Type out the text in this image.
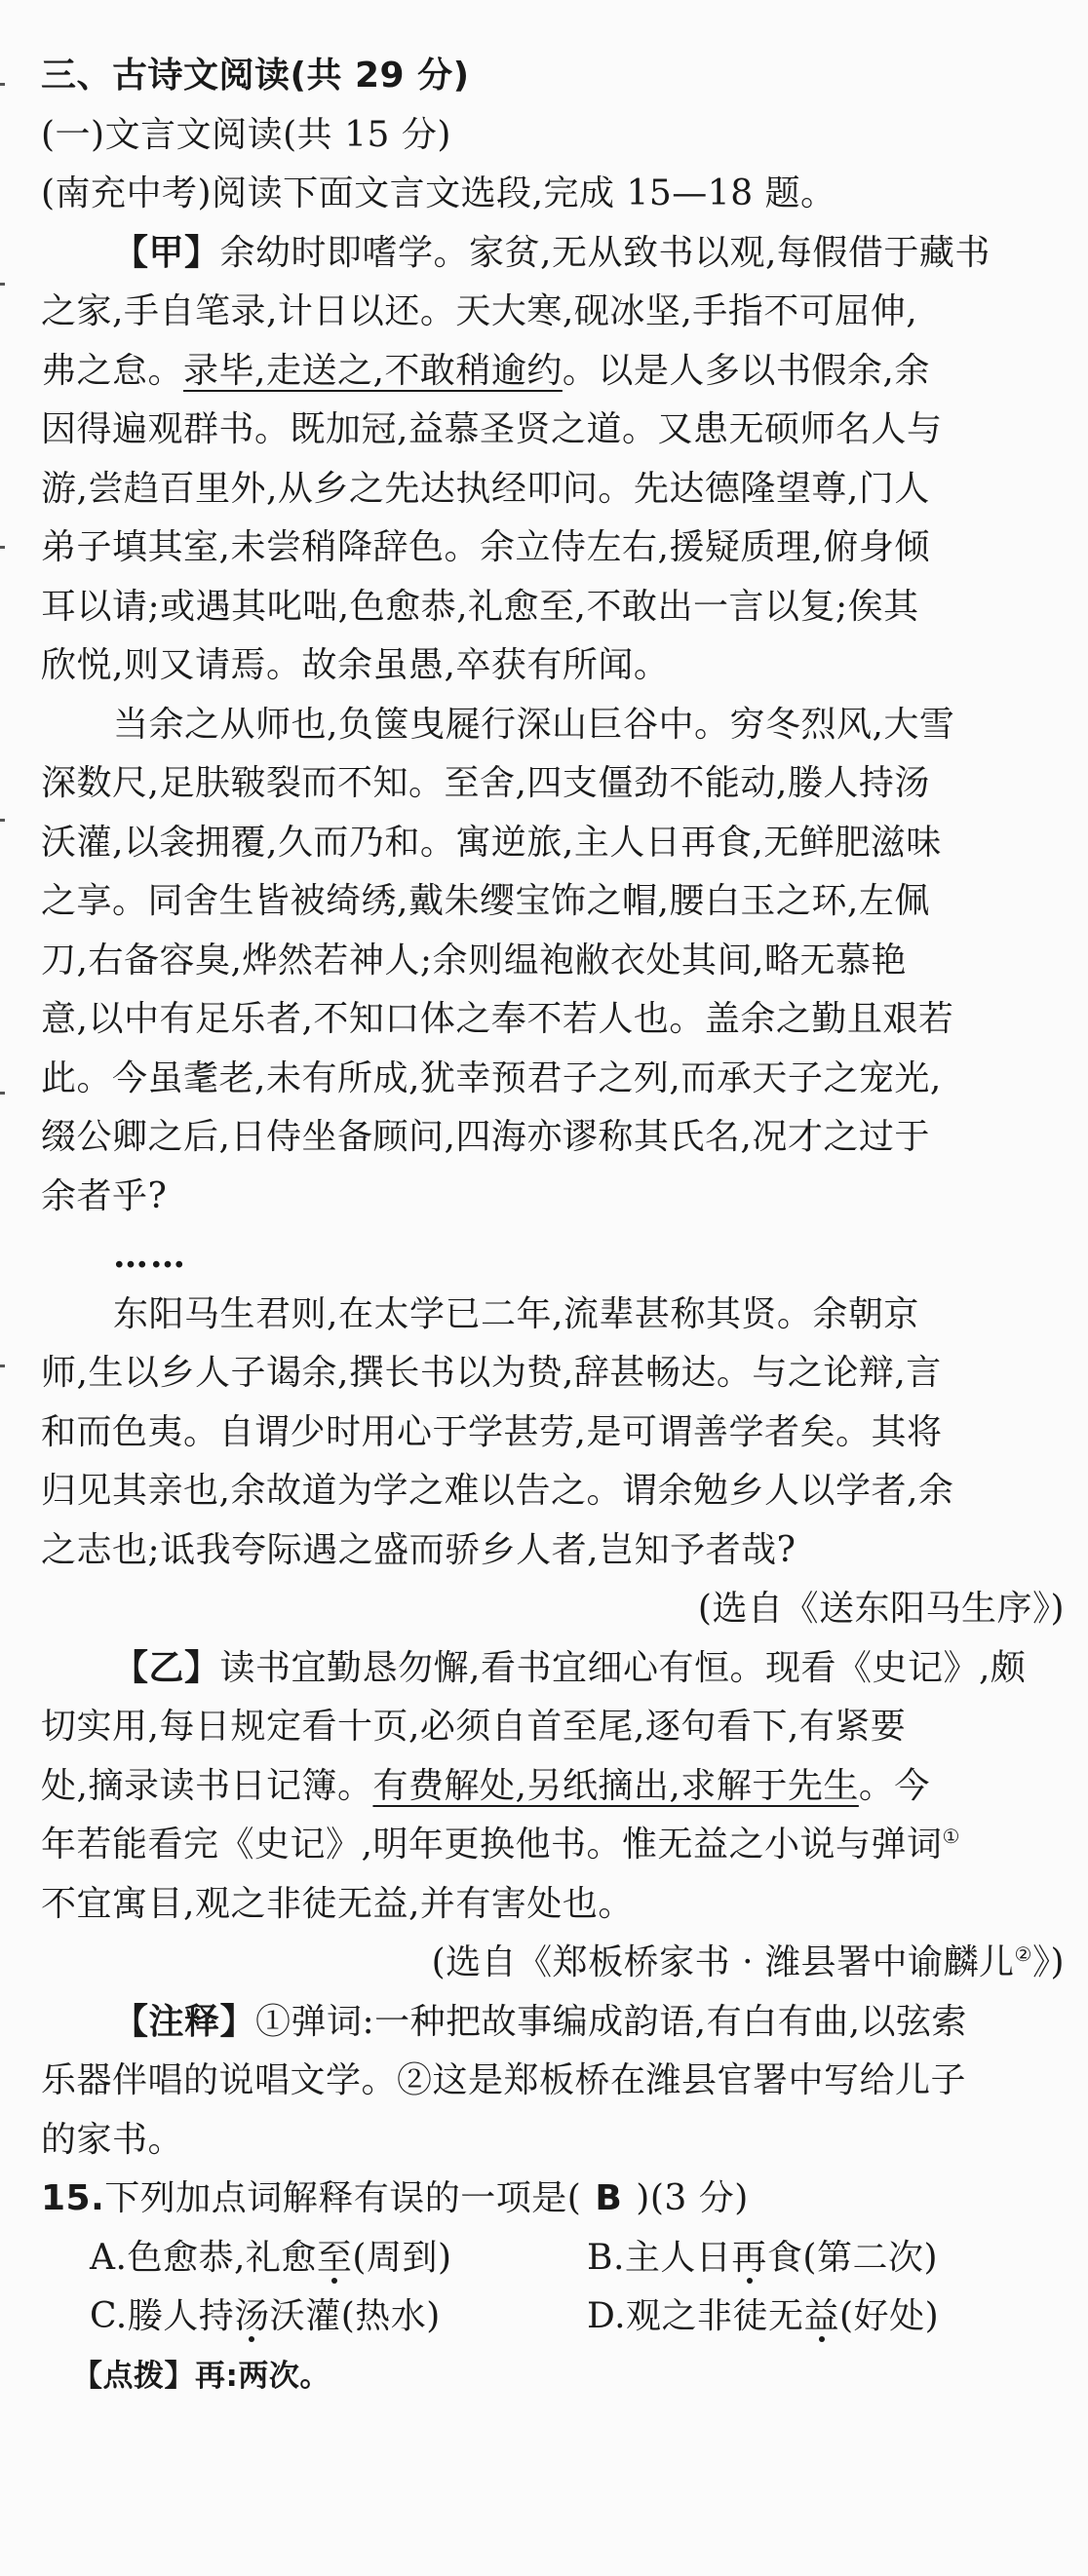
三、古诗文阅读(共 29 分)
(一)文言文阅读(共 15 分)
(南充中考)阅读下面文言文选段,完成 15—18 题。
【甲】余幼时即嗜学。家贫,无从致书以观,每假借于藏书
之家,手自笔录,计日以还。天大寒,砚冰坚,手指不可屈伸,
弗之怠。录毕,走送之,不敢稍逾约。以是人多以书假余,余
因得遍观群书。既加冠,益慕圣贤之道。又患无硕师名人与
游,尝趋百里外,从乡之先达执经叩问。先达德隆望尊,门人
弟子填其室,未尝稍降辞色。余立侍左右,援疑质理,俯身倾
耳以请;或遇其叱咄,色愈恭,礼愈至,不敢出一言以复;俟其
欣悦,则又请焉。故余虽愚,卒获有所闻。
当余之从师也,负箧曳屣行深山巨谷中。穷冬烈风,大雪
深数尺,足肤皲裂而不知。至舍,四支僵劲不能动,媵人持汤
沃灌,以衾拥覆,久而乃和。寓逆旅,主人日再食,无鲜肥滋味
之享。同舍生皆被绮绣,戴朱缨宝饰之帽,腰白玉之环,左佩
刀,右备容臭,烨然若神人;余则缊袍敝衣处其间,略无慕艳
意,以中有足乐者,不知口体之奉不若人也。盖余之勤且艰若
此。今虽耄老,未有所成,犹幸预君子之列,而承天子之宠光,
缀公卿之后,日侍坐备顾问,四海亦谬称其氏名,况才之过于
余者乎?
……
东阳马生君则,在太学已二年,流辈甚称其贤。余朝京
师,生以乡人子谒余,撰长书以为贽,辞甚畅达。与之论辩,言
和而色夷。自谓少时用心于学甚劳,是可谓善学者矣。其将
归见其亲也,余故道为学之难以告之。谓余勉乡人以学者,余
之志也;诋我夸际遇之盛而骄乡人者,岂知予者哉?
(选自《送东阳马生序》)
【乙】读书宜勤恳勿懈,看书宜细心有恒。现看《史记》,颇
切实用,每日规定看十页,必须自首至尾,逐句看下,有紧要
处,摘录读书日记簿。有费解处,另纸摘出,求解于先生。今
年若能看完《史记》,明年更换他书。惟无益之小说与弹词①
不宜寓目,观之非徒无益,并有害处也。
(选自《郑板桥家书 · 潍县署中谕麟儿②》)
【注释】①弹词:一种把故事编成韵语,有白有曲,以弦索
乐器伴唱的说唱文学。②这是郑板桥在潍县官署中写给儿子
的家书。
15.下列加点词解释有误的一项是( B )(3 分)
A.色愈恭,礼愈至(周到)	B.主人日再食(第二次)
C.媵人持汤沃灌(热水)	D.观之非徒无益(好处)
【点拨】再:两次。
